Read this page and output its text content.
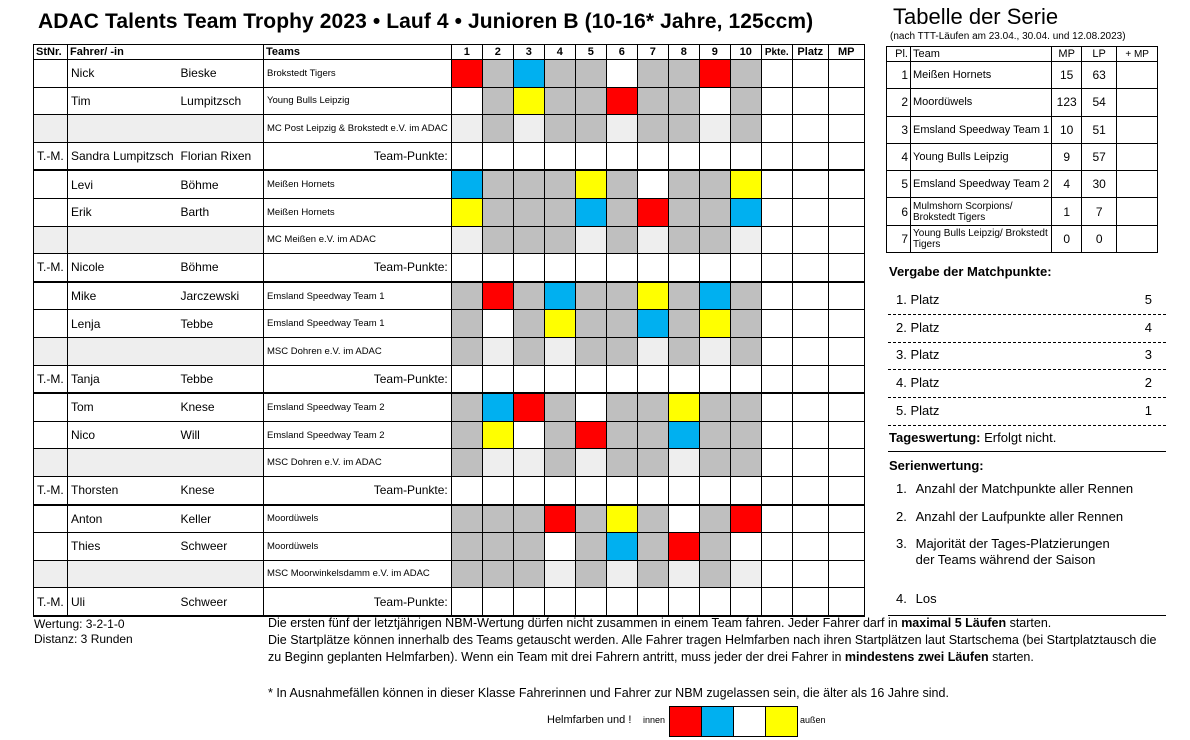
ADAC Talents Team Trophy 2023 • Lauf 4 • Junioren B (10-16* Jahre, 125ccm)
StNr.	Fahrer/ -in		Teams	1	2	3	4	5	6	7	8	9	10	Pkte.	Platz	MP
	Nick	Bieske	Brokstedt Tigers													
	Tim	Lumpitzsch	Young Bulls Leipzig													
			MC Post Leipzig & Brokstedt e.V. im ADAC													
T.-M.	Sandra Lumpitzsch	Florian Rixen	Team-Punkte:													
	Levi	Böhme	Meißen Hornets													
	Erik	Barth	Meißen Hornets													
			MC Meißen e.V. im ADAC													
T.-M.	Nicole	Böhme	Team-Punkte:													
	Mike	Jarczewski	Emsland Speedway Team 1													
	Lenja	Tebbe	Emsland Speedway Team 1													
			MSC Dohren e.V. im ADAC													
T.-M.	Tanja	Tebbe	Team-Punkte:													
	Tom	Knese	Emsland Speedway Team 2													
	Nico	Will	Emsland Speedway Team 2													
			MSC Dohren e.V. im ADAC													
T.-M.	Thorsten	Knese	Team-Punkte:													
	Anton	Keller	Moordüwels													
	Thies	Schweer	Moordüwels													
			MSC Moorwinkelsdamm e.V. im ADAC													
T.-M.	Uli	Schweer	Team-Punkte:													
Tabelle der Serie
(nach TTT-Läufen am 23.04., 30.04. und 12.08.2023)
Pl.	Team	MP	LP	+ MP
1	Meißen Hornets	15	63	
2	Moordüwels	123	54	
3	Emsland Speedway Team 1	10	51	
4	Young Bulls Leipzig	9	57	
5	Emsland Speedway Team 2	4	30	
6	Mulmshorn Scorpions/ Brokstedt Tigers	1	7	
7	Young Bulls Leipzig/ Brokstedt Tigers	0	0	
Vergabe der Matchpunkte:
1. Platz	5
2. Platz	4
3. Platz	3
4. Platz	2
5. Platz	1
Tageswertung: Erfolgt nicht.
Serienwertung:
1. Anzahl der Matchpunkte aller Rennen
2. Anzahl der Laufpunkte aller Rennen
3. Majorität der Tages-Platzierungen
der Teams während der Saison
4. Los
Wertung: 3-2-1-0
Distanz: 3 Runden

Die ersten fünf der letztjährigen NBM-Wertung dürfen nicht zusammen in einem Team fahren. Jeder Fahrer darf in maximal 5 Läufen starten.

Die Startplätze können innerhalb des Teams getauscht werden. Alle Fahrer tragen Helmfarben nach ihren Startplätzen laut Startschema (bei Startplatztausch die zu Beginn geplanten Helmfarben). Wenn ein Team mit drei Fahrern antritt, muss jeder der drei Fahrer in mindestens zwei Läufen starten.

* In Ausnahmefällen können in dieser Klasse Fahrerinnen und Fahrer zur NBM zugelassen sein, die älter als 16 Jahre sind.
Helmfarben und ! innen	außen
